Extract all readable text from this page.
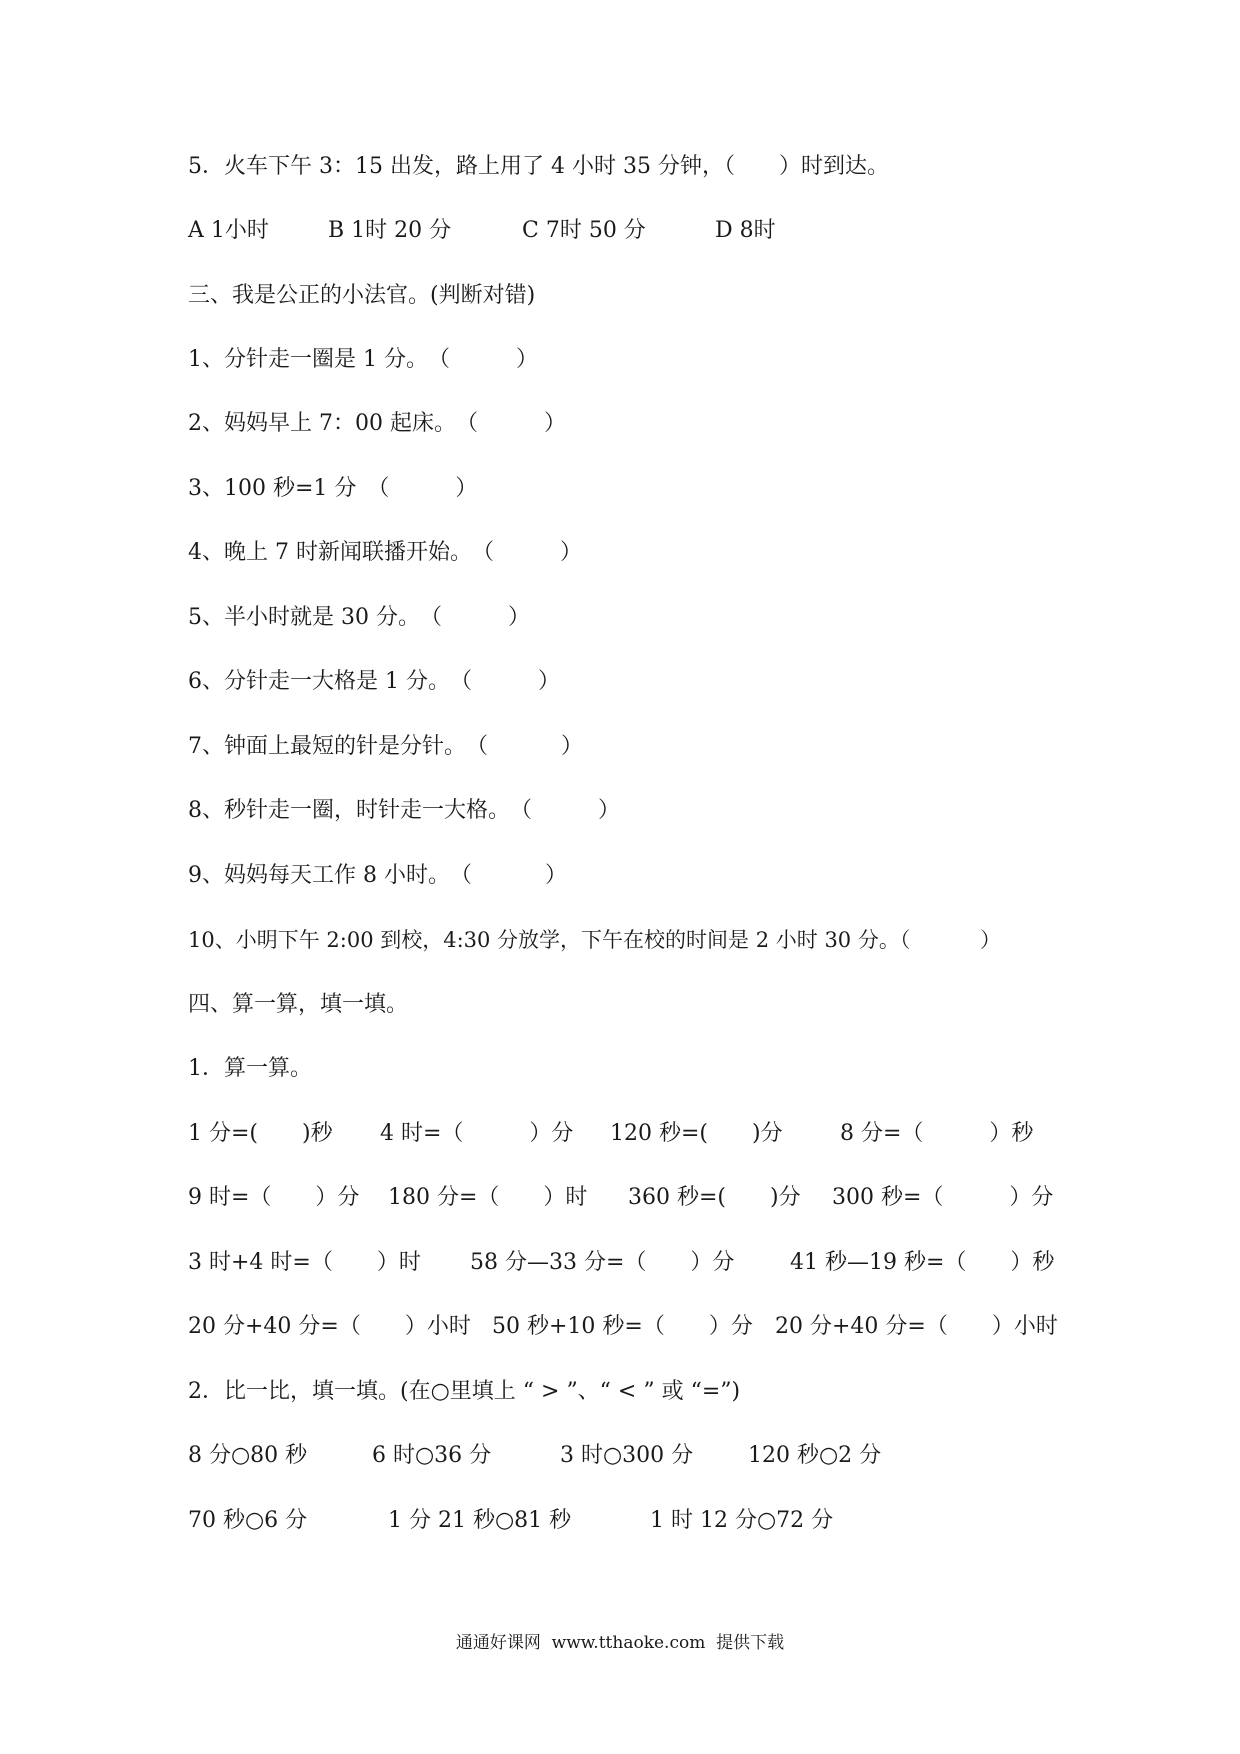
5．火车下午 3：15 出发，路上用了 4 小时 35 分钟，（　　）时到达。
A 1小时	B 1时 20 分	C 7时 50 分	D 8时
三、我是公正的小法官。(判断对错)
1、分针走一圈是 1 分。　（　　　）
2、妈妈早上 7：00 起床。　（　　　）
3、100 秒=1 分　（　　　）
4、晚上 7 时新闻联播开始。　（　　　）
5、半小时就是 30 分。　（　　　）
6、分针走一大格是 1 分。　（　　　）
7、钟面上最短的针是分针。　（　　　 ）
8、秒针走一圈，时针走一大格。　（　　　）
9、妈妈每天工作 8 小时。　（　　　 ）
10、小明下午 2:00 到校，4:30 分放学，下午在校的时间是 2 小时 30 分。（　　　 ）
四、算一算，填一填。
1．算一算。
1 分=(　　)秒 4 时=（　　　）分 120 秒=(　　)分	8 分=（　　　）秒
9 时=（　　）分 180 分=（　　）时 360 秒=(　　)分 300 秒=（　　　）分
3 时+4 时=（　　）时 58 分—33 分=（　　）分	41 秒—19 秒=（　　）秒
20 分+40 分=（　　）小时 50 秒+10 秒=（　　）分 20 分+40 分=（　　）小时
2．比一比，填一填。(在○里填上 “ > ”、“ < ” 或 “=”)
8 分○80 秒	6 时○36 分	3 时○300 分 120 秒○2 分
70 秒○6 分	1 分 21 秒○81 秒	1 时 12 分○72 分
通通好课网  www.tthaoke.com  提供下载
